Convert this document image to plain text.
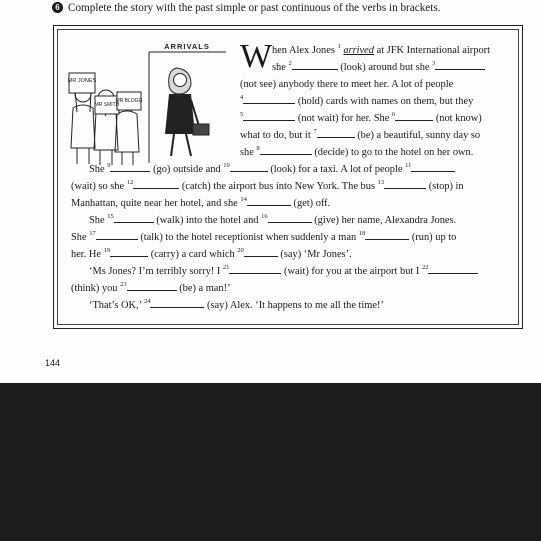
6 Complete the story with the past simple or past continuous of the verbs in brackets.
MR JONES
MR SMITH
MR BLOGG
ARRIVALS W hen Alex Jones $^1$ arrived at JFK International airport
she $^2$	(look) around but she $^3$
(not see) anybody there to meet her. A lot of people
$^4$	(hold) cards with names on them, but they
$^5$	(not wait) for her. She $^6$	(not know)
what to do, but it $^7$	(be) a beautiful, sunny day so
she $^8$	(decide) to go to the hotel on her own.
She $^9$	(go) outside and $^{10}$	(look) for a taxi. A lot of people $^{11}$
(wait) so she $^{12}$	(catch) the airport bus into New York. The bus $^{13}$	(stop) in
Manhattan, quite near her hotel, and she $^{14}$	(get) off.
She $^{15}$	(walk) into the hotel and $^{16}$	(give) her name, Alexandra Jones.
She $^{17}$	(talk) to the hotel receptionist when suddenly a man $^{18}$	(run) up to
her. He $^{19}$	(carry) a card which $^{20}$	(say) ‘Mr Jones’.
‘Ms Jones? I’m terribly sorry! I $^{21}$	(wait) for you at the airport but I $^{22}$
(think) you $^{23}$	(be) a man!’
‘That’s OK,’ $^{24}$	(say) Alex. ‘It happens to me all the time!’
144
